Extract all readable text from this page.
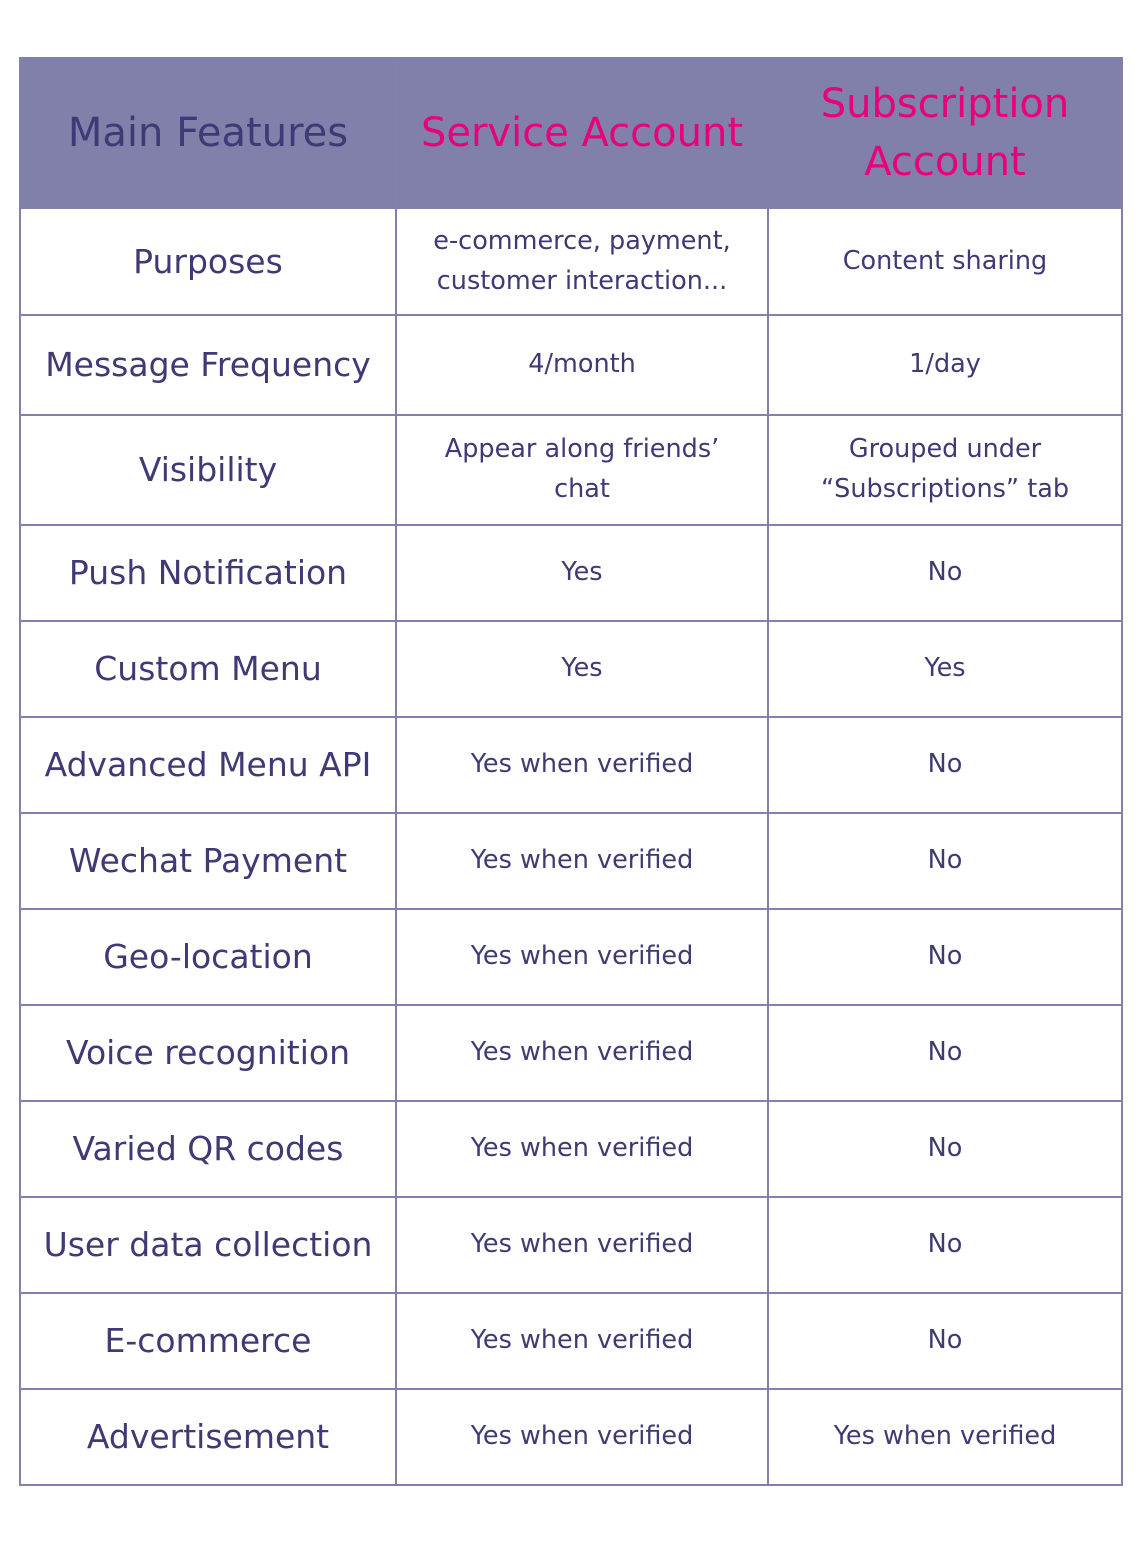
Main Features	Service Account	Subscription Account
Purposes	e-commerce, payment, customer interaction...	Content sharing
Message Frequency	4/month	1/day
Visibility	Appear along friends’ chat	Grouped under “Subscriptions” tab
Push Notification	Yes	No
Custom Menu	Yes	Yes
Advanced Menu API	Yes when verified	No
Wechat Payment	Yes when verified	No
Geo-location	Yes when verified	No
Voice recognition	Yes when verified	No
Varied QR codes	Yes when verified	No
User data collection	Yes when verified	No
E-commerce	Yes when verified	No
Advertisement	Yes when verified	Yes when verified
